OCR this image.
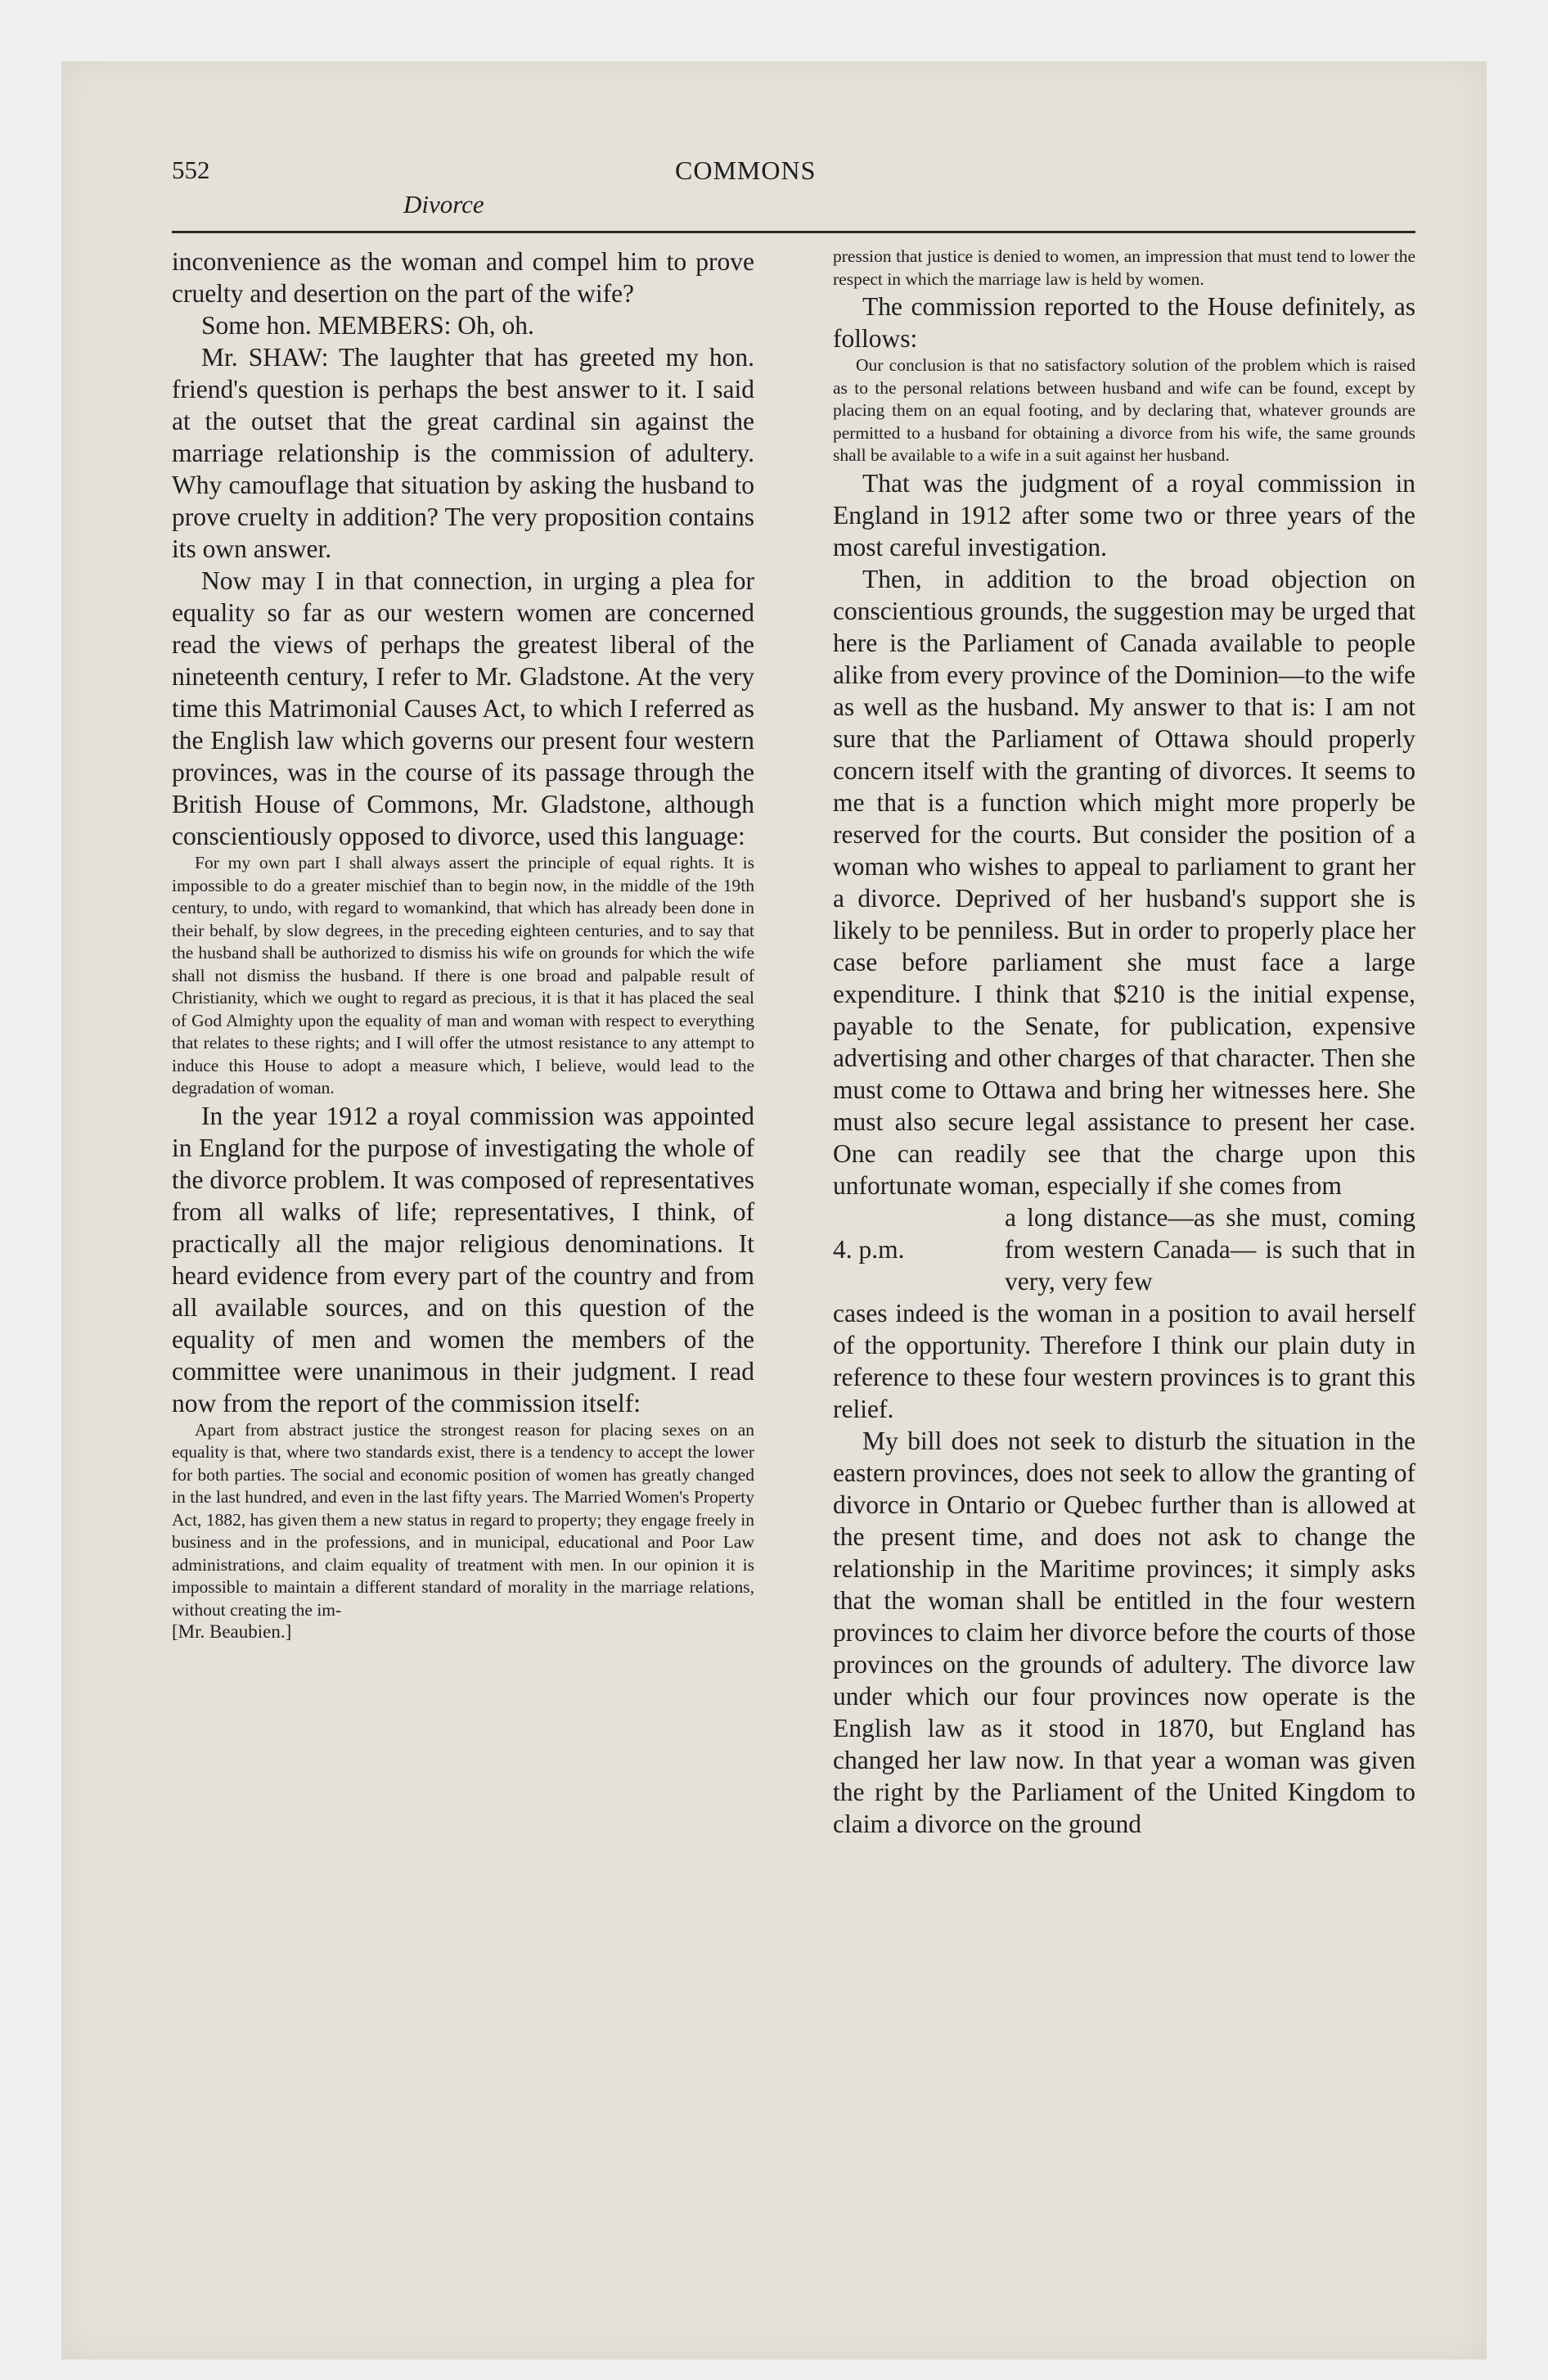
552	COMMONS
Divorce

inconvenience as the woman and compel him to prove cruelty and desertion on the part of the wife?

Some hon. MEMBERS: Oh, oh.

Mr. SHAW: The laughter that has greeted my hon. friend's question is perhaps the best answer to it. I said at the outset that the great cardinal sin against the marriage relationship is the commission of adultery. Why camouflage that situation by asking the husband to prove cruelty in addition? The very proposition contains its own answer.

Now may I in that connection, in urging a plea for equality so far as our western women are concerned read the views of perhaps the greatest liberal of the nineteenth century, I refer to Mr. Gladstone. At the very time this Matrimonial Causes Act, to which I referred as the English law which governs our present four western provinces, was in the course of its passage through the British House of Commons, Mr. Gladstone, although conscientiously opposed to divorce, used this language:

For my own part I shall always assert the principle of equal rights. It is impossible to do a greater mischief than to begin now, in the middle of the 19th century, to undo, with regard to womankind, that which has already been done in their behalf, by slow degrees, in the preceding eighteen centuries, and to say that the husband shall be authorized to dismiss his wife on grounds for which the wife shall not dismiss the husband. If there is one broad and palpable result of Christianity, which we ought to regard as precious, it is that it has placed the seal of God Almighty upon the equality of man and woman with respect to everything that relates to these rights; and I will offer the utmost resistance to any attempt to induce this House to adopt a measure which, I believe, would lead to the degradation of woman.

In the year 1912 a royal commission was appointed in England for the purpose of investigating the whole of the divorce problem. It was composed of representatives from all walks of life; representatives, I think, of practically all the major religious denominations. It heard evidence from every part of the country and from all available sources, and on this question of the equality of men and women the members of the committee were unanimous in their judgment. I read now from the report of the commission itself:

Apart from abstract justice the strongest reason for placing sexes on an equality is that, where two standards exist, there is a tendency to accept the lower for both parties. The social and economic position of women has greatly changed in the last hundred, and even in the last fifty years. The Married Women's Property Act, 1882, has given them a new status in regard to property; they engage freely in business and in the professions, and in municipal, educational and Poor Law administrations, and claim equality of treatment with men. In our opinion it is impossible to maintain a different standard of morality in the marriage relations, without creating the im-

[Mr. Beaubien.]

pression that justice is denied to women, an impression that must tend to lower the respect in which the marriage law is held by women.

The commission reported to the House definitely, as follows:

Our conclusion is that no satisfactory solution of the problem which is raised as to the personal relations between husband and wife can be found, except by placing them on an equal footing, and by declaring that, whatever grounds are permitted to a husband for obtaining a divorce from his wife, the same grounds shall be available to a wife in a suit against her husband.

That was the judgment of a royal commission in England in 1912 after some two or three years of the most careful investigation.

Then, in addition to the broad objection on conscientious grounds, the suggestion may be urged that here is the Parliament of Canada available to people alike from every province of the Dominion—to the wife as well as the husband. My answer to that is: I am not sure that the Parliament of Ottawa should properly concern itself with the granting of divorces. It seems to me that is a function which might more properly be reserved for the courts. But consider the position of a woman who wishes to appeal to parliament to grant her a divorce. Deprived of her husband's support she is likely to be penniless. But in order to properly place her case before parliament she must face a large expenditure. I think that $210 is the initial expense, payable to the Senate, for publication, expensive advertising and other charges of that character. Then she must come to Ottawa and bring her witnesses here. She must also secure legal assistance to present her case. One can readily see that the charge upon this unfortunate woman, especially if she comes from

4. p.m.

a long distance—as she must, coming from western Canada— is such that in very, very few

cases indeed is the woman in a position to avail herself of the opportunity. Therefore I think our plain duty in reference to these four western provinces is to grant this relief.

My bill does not seek to disturb the situation in the eastern provinces, does not seek to allow the granting of divorce in Ontario or Quebec further than is allowed at the present time, and does not ask to change the relationship in the Maritime provinces; it simply asks that the woman shall be entitled in the four western provinces to claim her divorce before the courts of those provinces on the grounds of adultery. The divorce law under which our four provinces now operate is the English law as it stood in 1870, but England has changed her law now. In that year a woman was given the right by the Parliament of the United Kingdom to claim a divorce on the ground
